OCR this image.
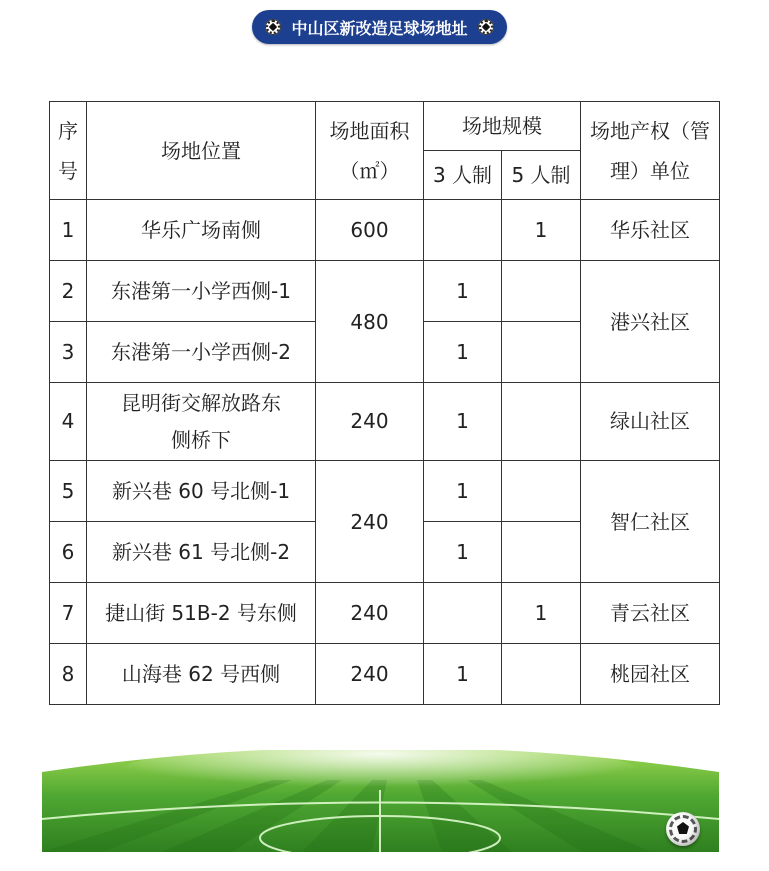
中山区新改造足球场地址
序号	场地位置	场地面积（㎡）	场地规模		场地产权（管理）单位
			3 人制	5 人制	
1	华乐广场南侧	600		1	华乐社区
2	东港第一小学西侧-1	480	1		港兴社区
3	东港第一小学西侧-2		1		
4	昆明街交解放路东侧桥下	240	1		绿山社区
5	新兴巷 60 号北侧-1	240	1		智仁社区
6	新兴巷 61 号北侧-2		1		
7	捷山街 51B-2 号东侧	240		1	青云社区
8	山海巷 62 号西侧	240	1		桃园社区
